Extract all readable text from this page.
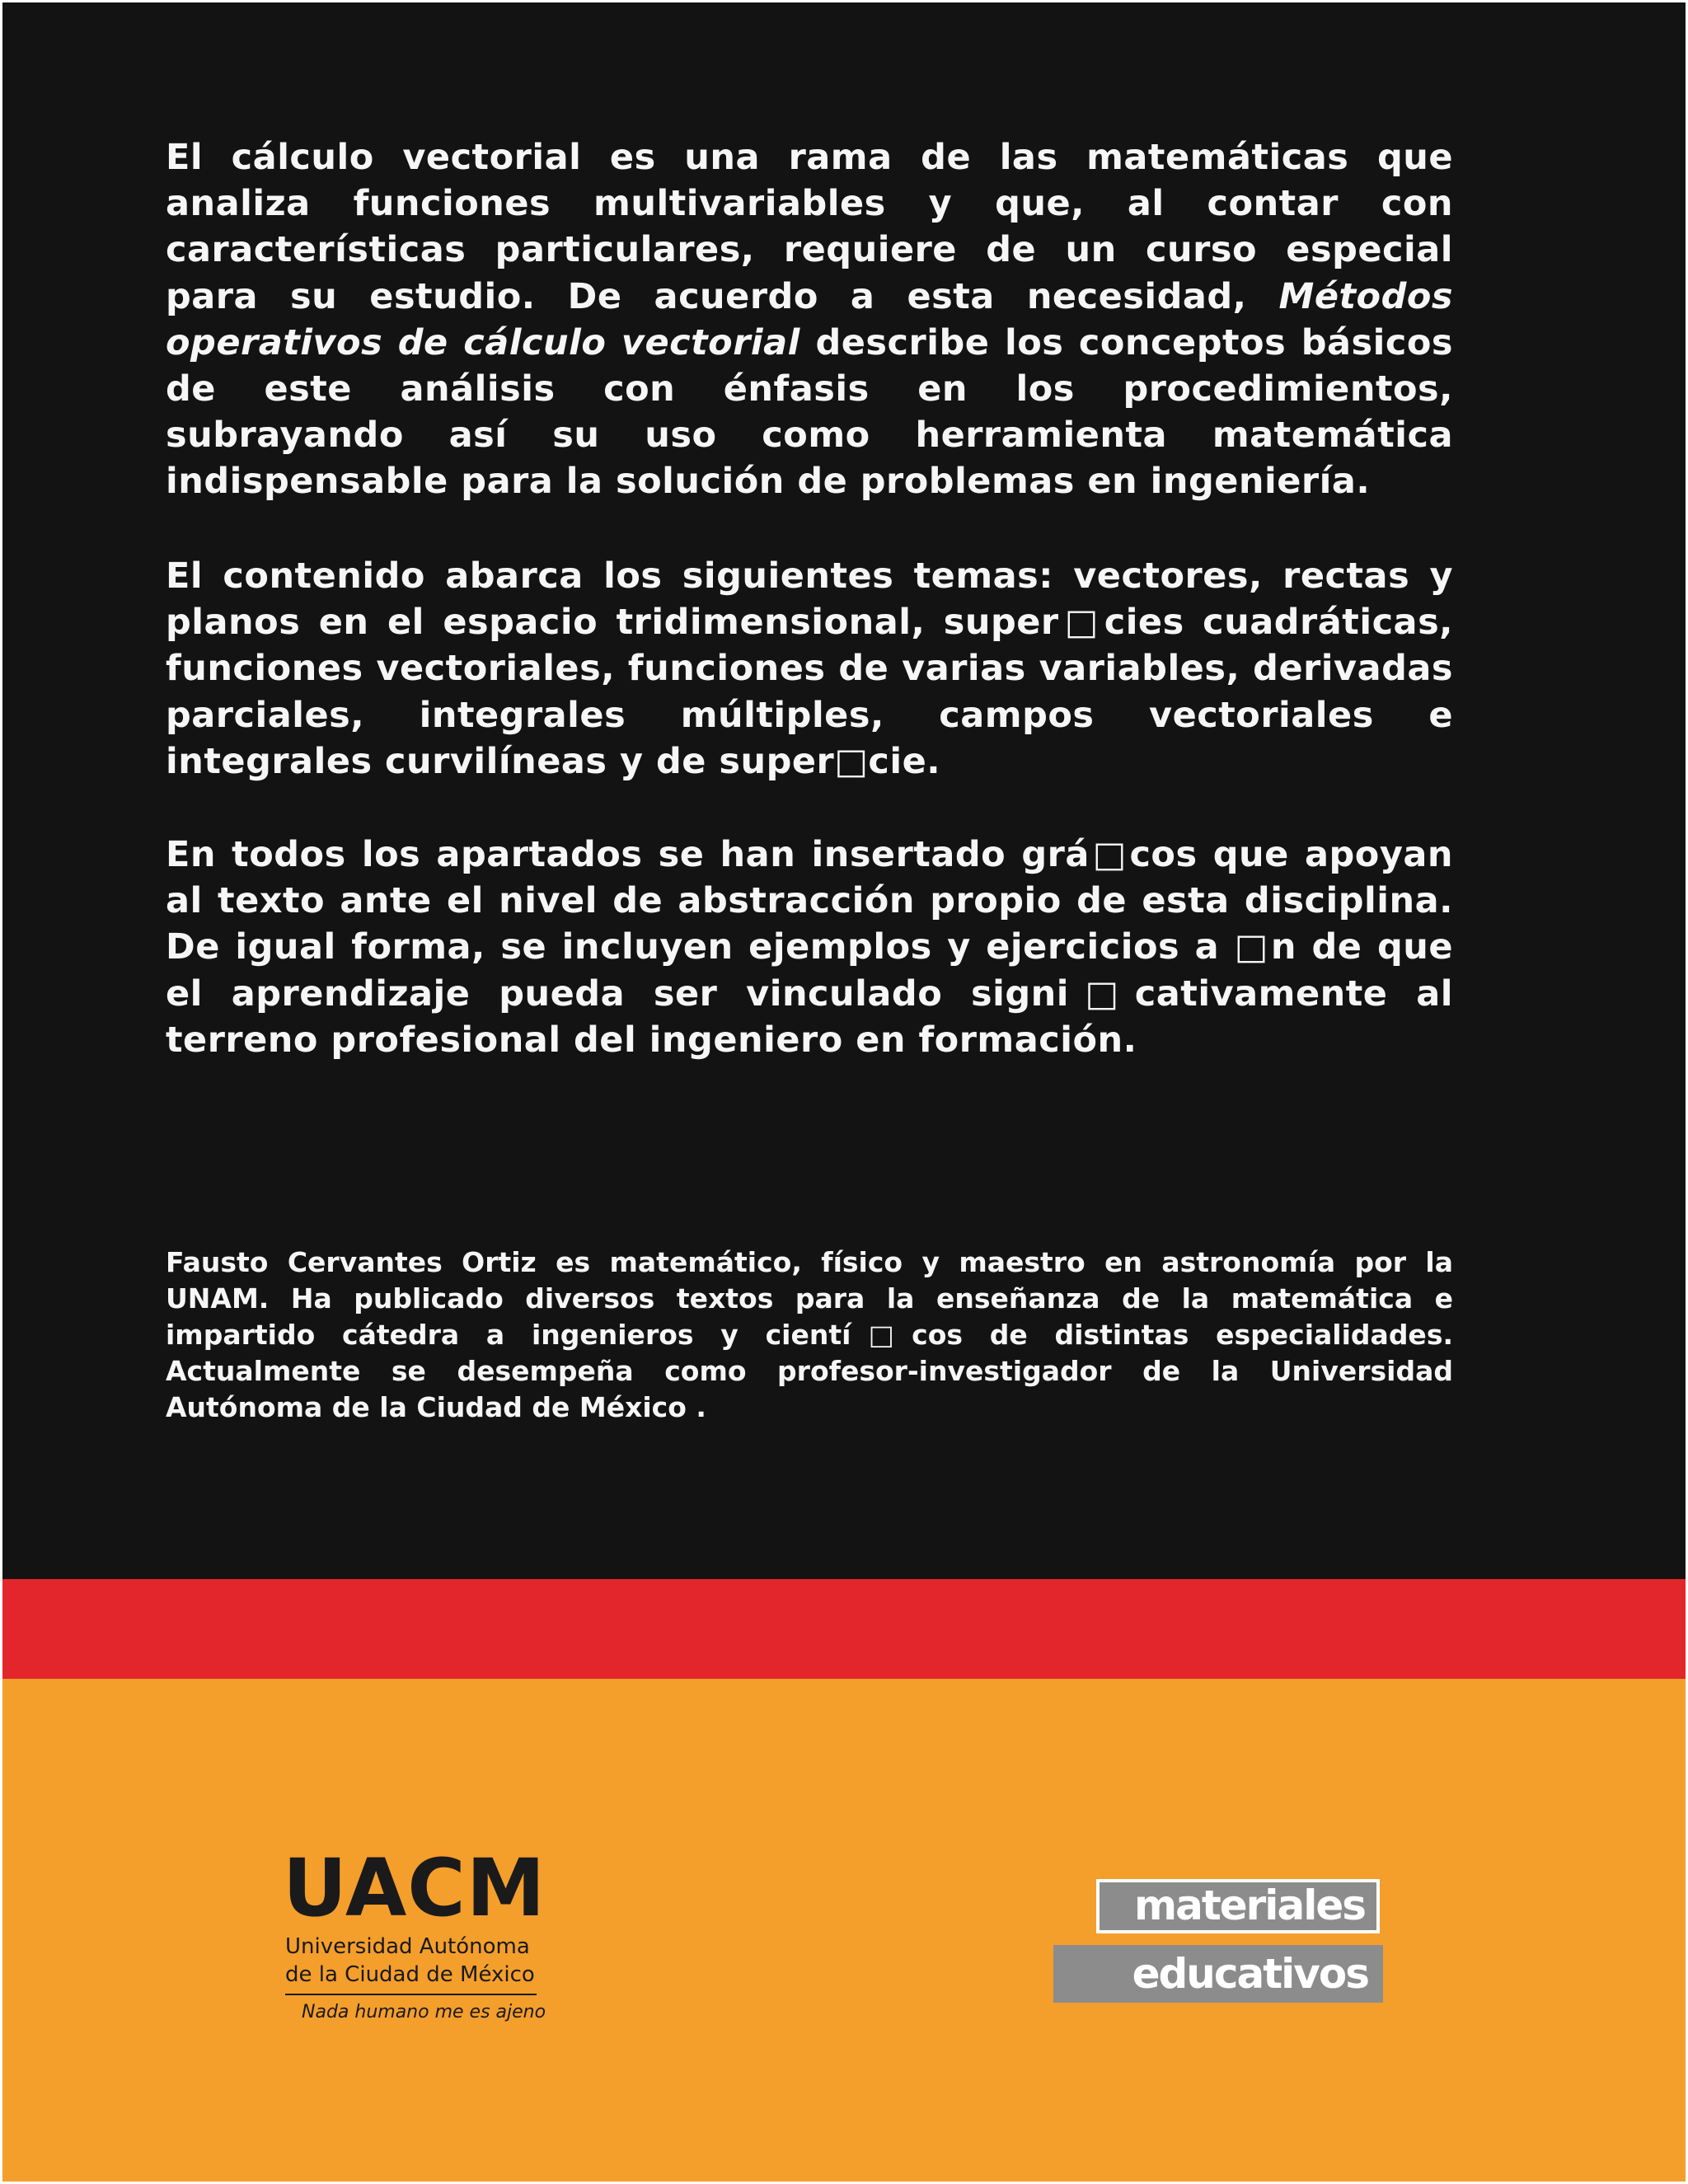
El cálculo vectorial es una rama de las matemáticas que analiza funciones multivariables y que, al contar con características particulares, requiere de un curso especial para su estudio. De acuerdo a esta necesidad, Métodos operativos de cálculo vectorial describe los conceptos básicos de este análisis con énfasis en los procedimientos, subrayando así su uso como herramienta matemática indispensable para la solución de problemas en ingeniería.

El contenido abarca los siguientes temas: vectores, rectas y planos en el espacio tridimensional, super□cies cuadráticas, funciones vectoriales, funciones de varias variables, derivadas parciales, integrales múltiples, campos vectoriales e integrales curvilíneas y de super□cie.

En todos los apartados se han insertado grá□cos que apoyan al texto ante el nivel de abstracción propio de esta disciplina. De igual forma, se incluyen ejemplos y ejercicios a □n de que el aprendizaje pueda ser vinculado signi□cativamente al terreno profesional del ingeniero en formación.

Fausto Cervantes Ortiz es matemático, físico y maestro en astronomía por la UNAM. Ha publicado diversos textos para la enseñanza de la matemática e impartido cátedra a ingenieros y cientí□cos de distintas especialidades. Actualmente se desempeña como profesor-investigador de la Universidad Autónoma de la Ciudad de México .

UACM
Universidad Autónoma
de la Ciudad de México
Nada humano me es ajeno
materiales
educativos
